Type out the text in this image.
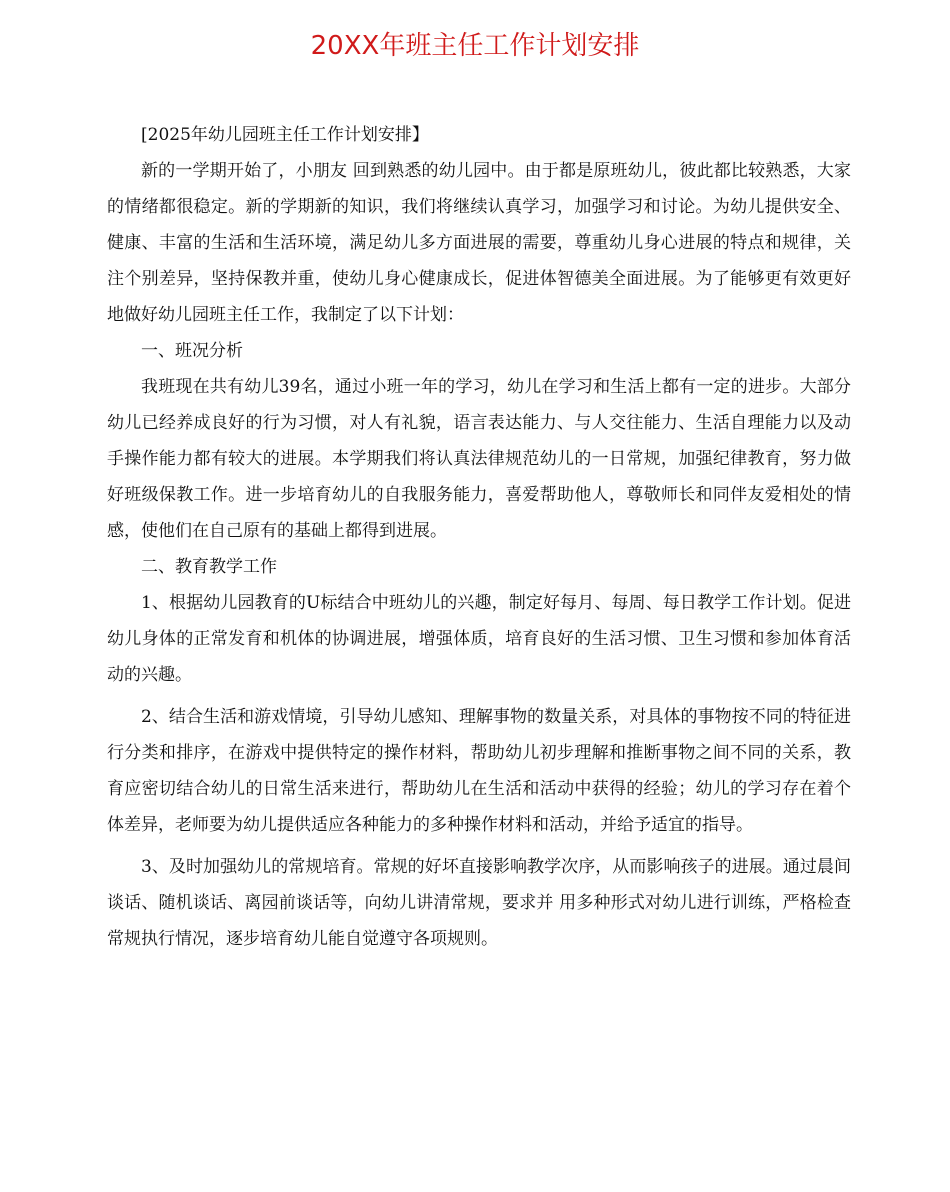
20XX年班主任工作计划安排

[2025年幼儿园班主任工作计划安排】

新的一学期开始了，小朋友 回到熟悉的幼儿园中。由于都是原班幼儿，彼此都比较熟悉，大家的情绪都很稳定。新的学期新的知识，我们将继续认真学习，加强学习和讨论。为幼儿提供安全、健康、丰富的生活和生活环境，满足幼儿多方面进展的需要，尊重幼儿身心进展的特点和规律，关注个别差异，坚持保教并重，使幼儿身心健康成长，促进体智德美全面进展。为了能够更有效更好地做好幼儿园班主任工作，我制定了以下计划：

一、班况分析

我班现在共有幼儿39名，通过小班一年的学习，幼儿在学习和生活上都有一定的进步。大部分幼儿已经养成良好的行为习惯，对人有礼貌，语言表达能力、与人交往能力、生活自理能力以及动手操作能力都有较大的进展。本学期我们将认真法律规范幼儿的一日常规，加强纪律教育，努力做好班级保教工作。进一步培育幼儿的自我服务能力，喜爱帮助他人，尊敬师长和同伴友爱相处的情感，使他们在自己原有的基础上都得到进展。

二、教育教学工作

1、根据幼儿园教育的U标结合中班幼儿的兴趣，制定好每月、每周、每日教学工作计划。促进幼儿身体的正常发育和机体的协调进展，增强体质，培育良好的生活习惯、卫生习惯和参加体育活动的兴趣。

2、结合生活和游戏情境，引导幼儿感知、理解事物的数量关系，对具体的事物按不同的特征进行分类和排序，在游戏中提供特定的操作材料，帮助幼儿初步理解和推断事物之间不同的关系，教育应密切结合幼儿的日常生活来进行，帮助幼儿在生活和活动中获得的经验；幼儿的学习存在着个体差异，老师要为幼儿提供适应各种能力的多种操作材料和活动，并给予适宜的指导。

3、及时加强幼儿的常规培育。常规的好坏直接影响教学次序，从而影响孩子的进展。通过晨间谈话、随机谈话、离园前谈话等，向幼儿讲清常规，要求并 用多种形式对幼儿进行训练，严格检查常规执行情况，逐步培育幼儿能自觉遵守各项规则。
